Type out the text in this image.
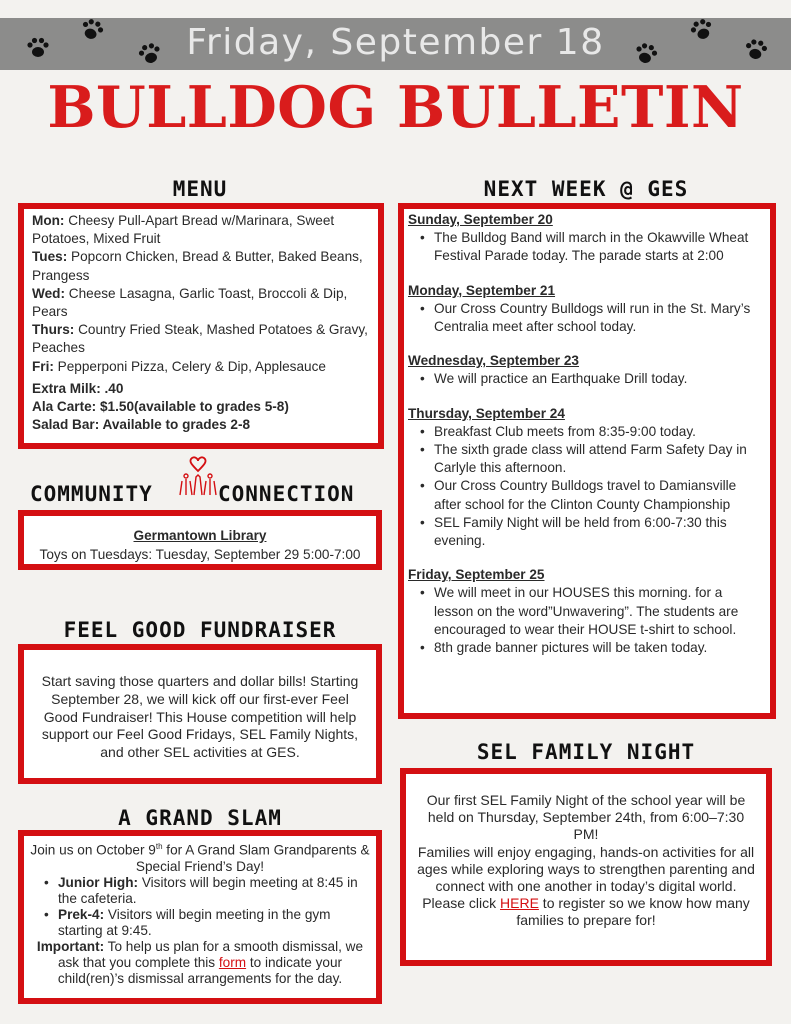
Friday, September 18
BULLDOG BULLETIN
MENU
Mon: Cheesy Pull-Apart Bread w/Marinara, Sweet Potatoes, Mixed Fruit
Tues: Popcorn Chicken, Bread & Butter, Baked Beans, Prangess
Wed: Cheese Lasagna, Garlic Toast, Broccoli & Dip, Pears
Thurs: Country Fried Steak, Mashed Potatoes & Gravy, Peaches
Fri: Pepperponi Pizza, Celery & Dip, Applesauce
Extra Milk: .40
Ala Carte: $1.50(available to grades 5-8)
Salad Bar: Available to grades 2-8
COMMUNITY	CONNECTION
Germantown Library
Toys on Tuesdays: Tuesday, September 29 5:00-7:00
FEEL GOOD FUNDRAISER
Start saving those quarters and dollar bills! Starting September 28, we will kick off our first-ever Feel Good Fundraiser! This House competition will help support our Feel Good Fridays, SEL Family Nights, and other SEL activities at GES.
A GRAND SLAM
Join us on October 9th for A Grand Slam Grandparents & Special Friend’s Day!
• Junior High: Visitors will begin meeting at 8:45 in the cafeteria.
• Prek-4: Visitors will begin meeting in the gym starting at 9:45.
Important: To help us plan for a smooth dismissal, we ask that you complete this form to indicate your child(ren)’s dismissal arrangements for the day.
NEXT WEEK @ GES
Sunday, September 20
• The Bulldog Band will march in the Okawville Wheat Festival Parade today. The parade starts at 2:00
Monday, September 21
• Our Cross Country Bulldogs will run in the St. Mary’s Centralia meet after school today.
Wednesday, September 23
• We will practice an Earthquake Drill today.
Thursday, September 24
• Breakfast Club meets from 8:35-9:00 today.
• The sixth grade class will attend Farm Safety Day in Carlyle this afternoon.
• Our Cross Country Bulldogs travel to Damiansville after school for the Clinton County Championship
• SEL Family Night will be held from 6:00-7:30 this evening.
Friday, September 25
• We will meet in our HOUSES this morning. for a lesson on the word”Unwavering”. The students are encouraged to wear their HOUSE t-shirt to school.
• 8th grade banner pictures will be taken today.
SEL FAMILY NIGHT
Our first SEL Family Night of the school year will be held on Thursday, September 24th, from 6:00–7:30 PM!
Families will enjoy engaging, hands-on activities for all ages while exploring ways to strengthen parenting and connect with one another in today’s digital world.
Please click HERE to register so we know how many families to prepare for!
